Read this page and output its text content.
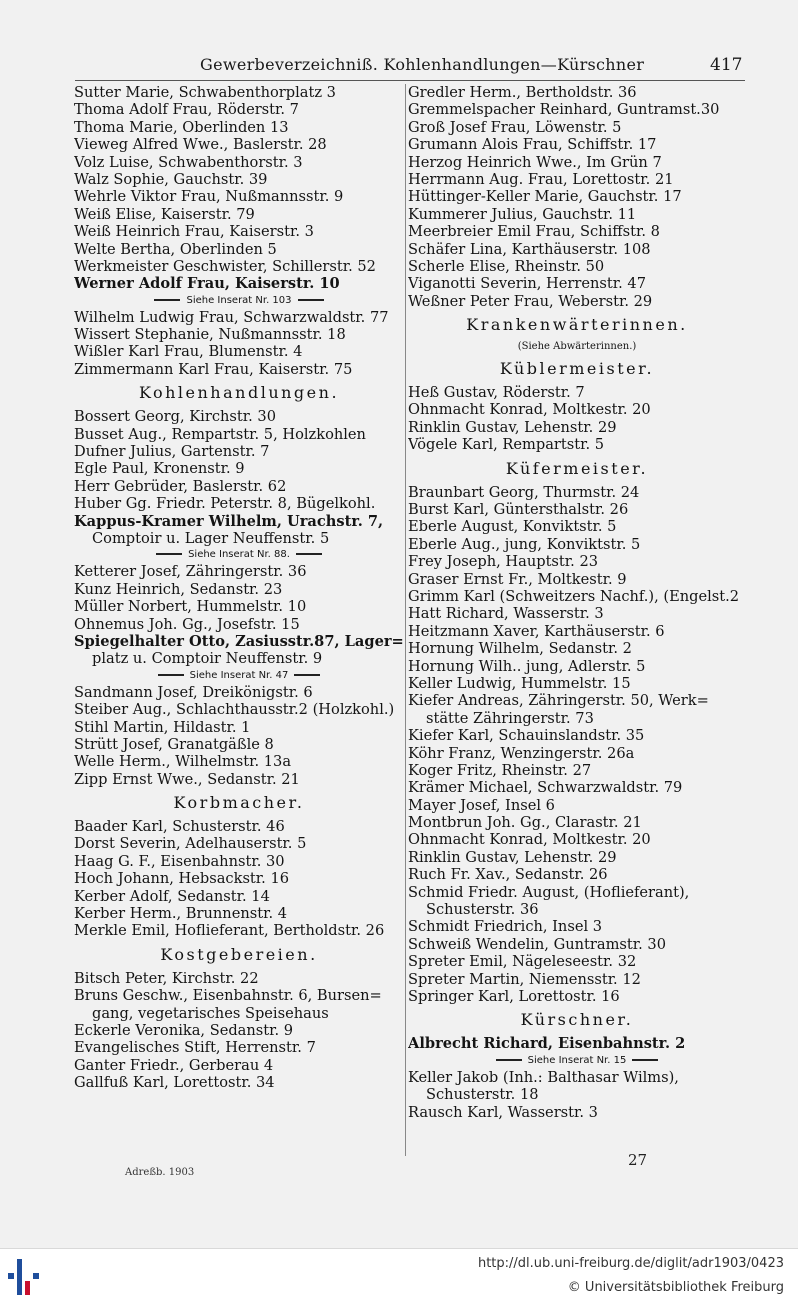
Gewerbeverzeichniß. Kohlenhandlungen—Kürschner	417
Sutter Marie, Schwabenthorplatz 3
Thoma Adolf Frau, Röderstr. 7
Thoma Marie, Oberlinden 13
Vieweg Alfred Wwe., Baslerstr. 28
Volz Luise, Schwabenthorstr. 3
Walz Sophie, Gauchstr. 39
Wehrle Viktor Frau, Nußmannsstr. 9
Weiß Elise, Kaiserstr. 79
Weiß Heinrich Frau, Kaiserstr. 3
Welte Bertha, Oberlinden 5
Werkmeister Geschwister, Schillerstr. 52
Werner Adolf Frau, Kaiserstr. 10
Siehe Inserat Nr. 103
Wilhelm Ludwig Frau, Schwarzwaldstr. 77
Wissert Stephanie, Nußmannsstr. 18
Wißler Karl Frau, Blumenstr. 4
Zimmermann Karl Frau, Kaiserstr. 75
Kohlenhandlungen.
Bossert Georg, Kirchstr. 30
Busset Aug., Rempartstr. 5, Holzkohlen
Dufner Julius, Gartenstr. 7
Egle Paul, Kronenstr. 9
Herr Gebrüder, Baslerstr. 62
Huber Gg. Friedr. Peterstr. 8, Bügelkohl.
Kappus-Kramer Wilhelm, Urachstr. 7,
Comptoir u. Lager Neuffenstr. 5
Siehe Inserat Nr. 88.
Ketterer Josef, Zähringerstr. 36
Kunz Heinrich, Sedanstr. 23
Müller Norbert, Hummelstr. 10
Ohnemus Joh. Gg., Josefstr. 15
Spiegelhalter Otto, Zasiusstr.87, Lager=
platz u. Comptoir Neuffenstr. 9
Siehe Inserat Nr. 47
Sandmann Josef, Dreikönigstr. 6
Steiber Aug., Schlachthausstr.2 (Holzkohl.)
Stihl Martin, Hildastr. 1
Strütt Josef, Granatgäßle 8
Welle Herm., Wilhelmstr. 13a
Zipp Ernst Wwe., Sedanstr. 21
Korbmacher.
Baader Karl, Schusterstr. 46
Dorst Severin, Adelhauserstr. 5
Haag G. F., Eisenbahnstr. 30
Hoch Johann, Hebsackstr. 16
Kerber Adolf, Sedanstr. 14
Kerber Herm., Brunnenstr. 4
Merkle Emil, Hoflieferant, Bertholdstr. 26
Kostgebereien.
Bitsch Peter, Kirchstr. 22
Bruns Geschw., Eisenbahnstr. 6, Bursen=
gang, vegetarisches Speisehaus
Eckerle Veronika, Sedanstr. 9
Evangelisches Stift, Herrenstr. 7
Ganter Friedr., Gerberau 4
Gallfuß Karl, Lorettostr. 34
Gredler Herm., Bertholdstr. 36
Gremmelspacher Reinhard, Guntramst.30
Groß Josef Frau, Löwenstr. 5
Grumann Alois Frau, Schiffstr. 17
Herzog Heinrich Wwe., Im Grün 7
Herrmann Aug. Frau, Lorettostr. 21
Hüttinger-Keller Marie, Gauchstr. 17
Kummerer Julius, Gauchstr. 11
Meerbreier Emil Frau, Schiffstr. 8
Schäfer Lina, Karthäuserstr. 108
Scherle Elise, Rheinstr. 50
Viganotti Severin, Herrenstr. 47
Weßner Peter Frau, Weberstr. 29
Krankenwärterinnen.
(Siehe Abwärterinnen.)
Küblermeister.
Heß Gustav, Röderstr. 7
Ohnmacht Konrad, Moltkestr. 20
Rinklin Gustav, Lehenstr. 29
Vögele Karl, Rempartstr. 5
Küfermeister.
Braunbart Georg, Thurmstr. 24
Burst Karl, Günterst​halstr. 26
Eberle August, Konviktstr. 5
Eberle Aug., jung, Konviktstr. 5
Frey Joseph, Hauptstr. 23
Graser Ernst Fr., Moltkestr. 9
Grimm Karl (Schweitzers Nachf.), (Engelst.2
Hatt Richard, Wasserstr. 3
Heitzmann Xaver, Karthäuserstr. 6
Hornung Wilhelm, Sedanstr. 2
Hornung Wilh.. jung, Adlerstr. 5
Keller Ludwig, Hummelstr. 15
Kiefer Andreas, Zähringerstr. 50, Werk=
stätte Zähringerstr. 73
Kiefer Karl, Schauinslandstr. 35
Köhr Franz, Wenzingerstr. 26a
Koger Fritz, Rheinstr. 27
Krämer Michael, Schwarzwaldstr. 79
Mayer Josef, Insel 6
Montbrun Joh. Gg., Clarastr. 21
Ohnmacht Konrad, Moltkestr. 20
Rinklin Gustav, Lehenstr. 29
Ruch Fr. Xav., Sedanstr. 26
Schmid Friedr. August, (Hoflieferant),
Schusterstr. 36
Schmidt Friedrich, Insel 3
Schweiß Wendelin, Guntramstr. 30
Spreter Emil, Nägeleseestr. 32
Spreter Martin, Niemensstr. 12
Springer Karl, Lorettostr. 16
Kürschner.
Albrecht Richard, Eisenbahnstr. 2
Siehe Inserat Nr. 15
Keller Jakob (Inh.: Balthasar Wilms),
Schusterstr. 18
Rausch Karl, Wasserstr. 3
Adreßb. 1903
27
http://dl.ub.uni-freiburg.de/diglit/adr1903/0423
© Universitätsbibliothek Freiburg
